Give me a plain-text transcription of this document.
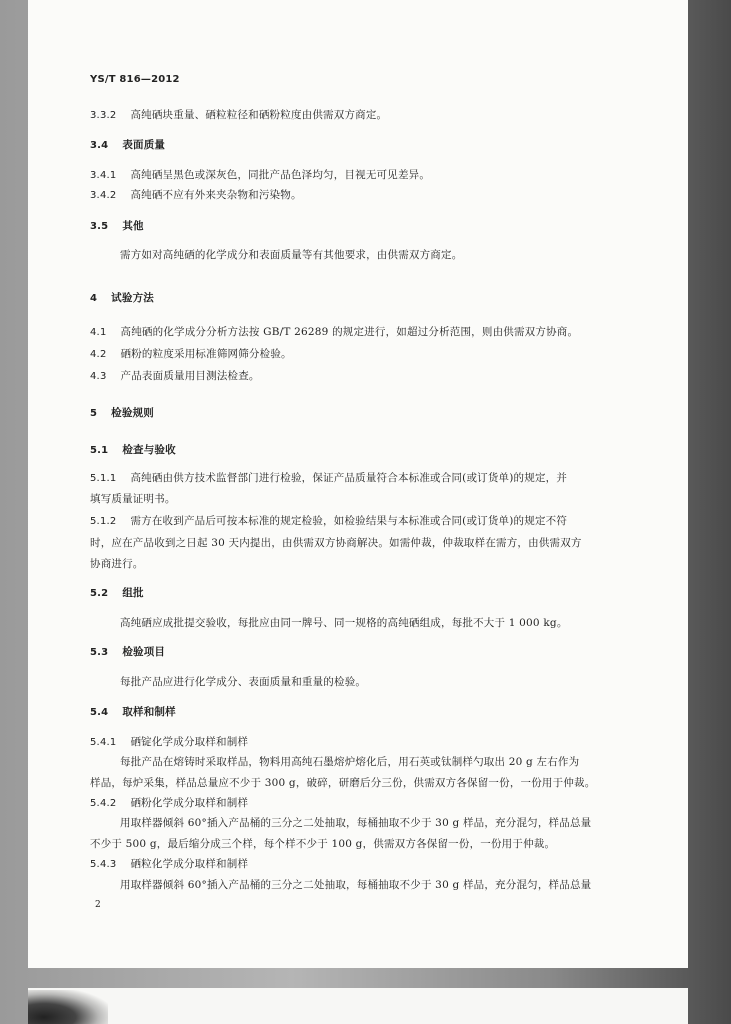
YS/T 816—2012
3.3.2 高纯硒块重量、硒粒粒径和硒粉粒度由供需双方商定。
3.4 表面质量
3.4.1 高纯硒呈黑色或深灰色，同批产品色泽均匀，目视无可见差异。
3.4.2 高纯硒不应有外来夹杂物和污染物。
3.5 其他
需方如对高纯硒的化学成分和表面质量等有其他要求，由供需双方商定。
4 试验方法
4.1 高纯硒的化学成分分析方法按 GB/T 26289 的规定进行，如超过分析范围，则由供需双方协商。
4.2 硒粉的粒度采用标准筛网筛分检验。
4.3 产品表面质量用目测法检查。
5 检验规则
5.1 检查与验收
5.1.1 高纯硒由供方技术监督部门进行检验，保证产品质量符合本标准或合同(或订货单)的规定，并
填写质量证明书。
5.1.2 需方在收到产品后可按本标准的规定检验，如检验结果与本标准或合同(或订货单)的规定不符
时，应在产品收到之日起 30 天内提出，由供需双方协商解决。如需仲裁，仲裁取样在需方，由供需双方
协商进行。
5.2 组批
高纯硒应成批提交验收，每批应由同一牌号、同一规格的高纯硒组成，每批不大于 1 000 kg。
5.3 检验项目
每批产品应进行化学成分、表面质量和重量的检验。
5.4 取样和制样
5.4.1 硒锭化学成分取样和制样
每批产品在熔铸时采取样品，物料用高纯石墨熔炉熔化后，用石英或钛制样勺取出 20 g 左右作为
样品，每炉采集，样品总量应不少于 300 g，破碎，研磨后分三份，供需双方各保留一份，一份用于仲裁。
5.4.2 硒粉化学成分取样和制样
用取样器倾斜 60°插入产品桶的三分之二处抽取，每桶抽取不少于 30 g 样品，充分混匀，样品总量
不少于 500 g，最后缩分成三个样，每个样不少于 100 g，供需双方各保留一份，一份用于仲裁。
5.4.3 硒粒化学成分取样和制样
用取样器倾斜 60°插入产品桶的三分之二处抽取，每桶抽取不少于 30 g 样品，充分混匀，样品总量
2
